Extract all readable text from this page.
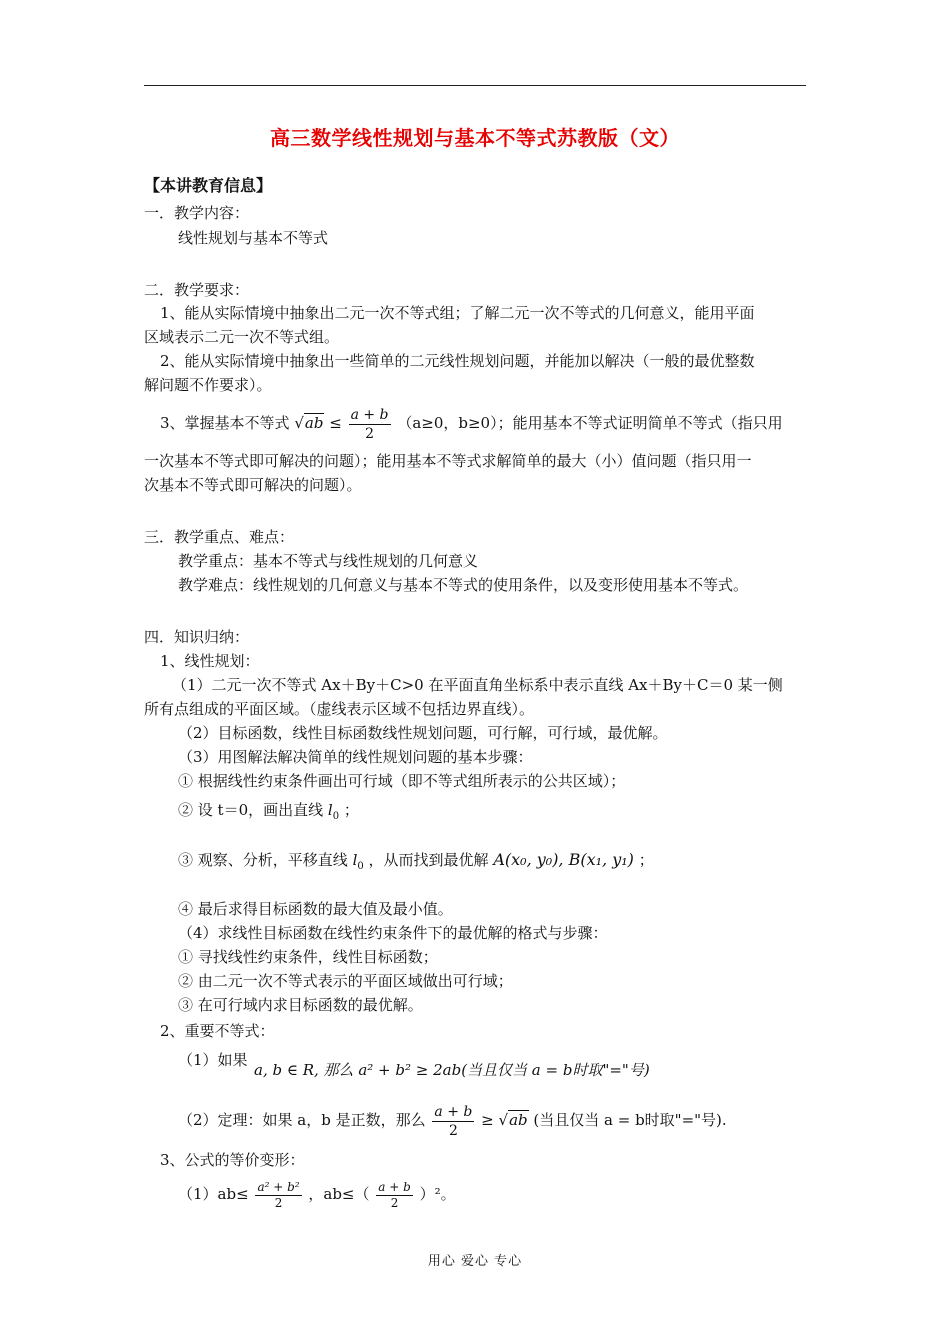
高三数学线性规划与基本不等式苏教版（文）
【本讲教育信息】
一．教学内容：
线性规划与基本不等式
二．教学要求：
1、能从实际情境中抽象出二元一次不等式组；了解二元一次不等式的几何意义，能用平面
区域表示二元一次不等式组。
2、能从实际情境中抽象出一些简单的二元线性规划问题，并能加以解决（一般的最优整数
解问题不作要求）。
3、掌握基本不等式 $√ab \le \frac{a + b}{2} (a\ge 0$，b≥0）；能用基本不等式证明简单不等式（指只用
一次基本不等式即可解决的问题）；能用基本不等式求解简单的最大（小）值问题（指只用一
次基本不等式即可解决的问题）。
三．教学重点、难点：
教学重点：基本不等式与线性规划的几何意义
教学难点：线性规划的几何意义与基本不等式的使用条件，以及变形使用基本不等式。
四．知识归纳：
1、线性规划：
（1）二元一次不等式 Ax＋By＋C>0 在平面直角坐标系中表示直线 Ax＋By＋C＝0 某一侧
所有点组成的平面区域。（虚线表示区域不包括边界直线）。
（2）目标函数，线性目标函数线性规划问题，可行解，可行域，最优解。
（3）用图解法解决简单的线性规划问题的基本步骤：
① 根据线性约束条件画出可行域（即不等式组所表示的公共区域）；
② 设 t＝0，画出直线 $l_0$ ；
③ 观察、分析，平移直线 $l_0$ ，从而找到最优解 A(x₀, y₀), B(x₁, y₁) ；
④ 最后求得目标函数的最大值及最小值。
（4）求线性目标函数在线性约束条件下的最优解的格式与步骤：
① 寻找线性约束条件，线性目标函数；
② 由二元一次不等式表示的平面区域做出可行域；
③ 在可行域内求目标函数的最优解。
2、重要不等式：
（1）如果
a, b ∈ R, 那么 a² + b² ≥ 2ab(当且仅当 a = b时取"="号)
（2）定理：如果 a，b 是正数，那么 $\frac{a + b}{2} \ge √ab$ (当且仅当 a = b时取"="号).
3、公式的等价变形：
$(1)ab\le \frac{\text{a² + b²}}{2}$ ，$ab\le( \frac{a + b}{2} )^2$。
用心 爱心 专心
